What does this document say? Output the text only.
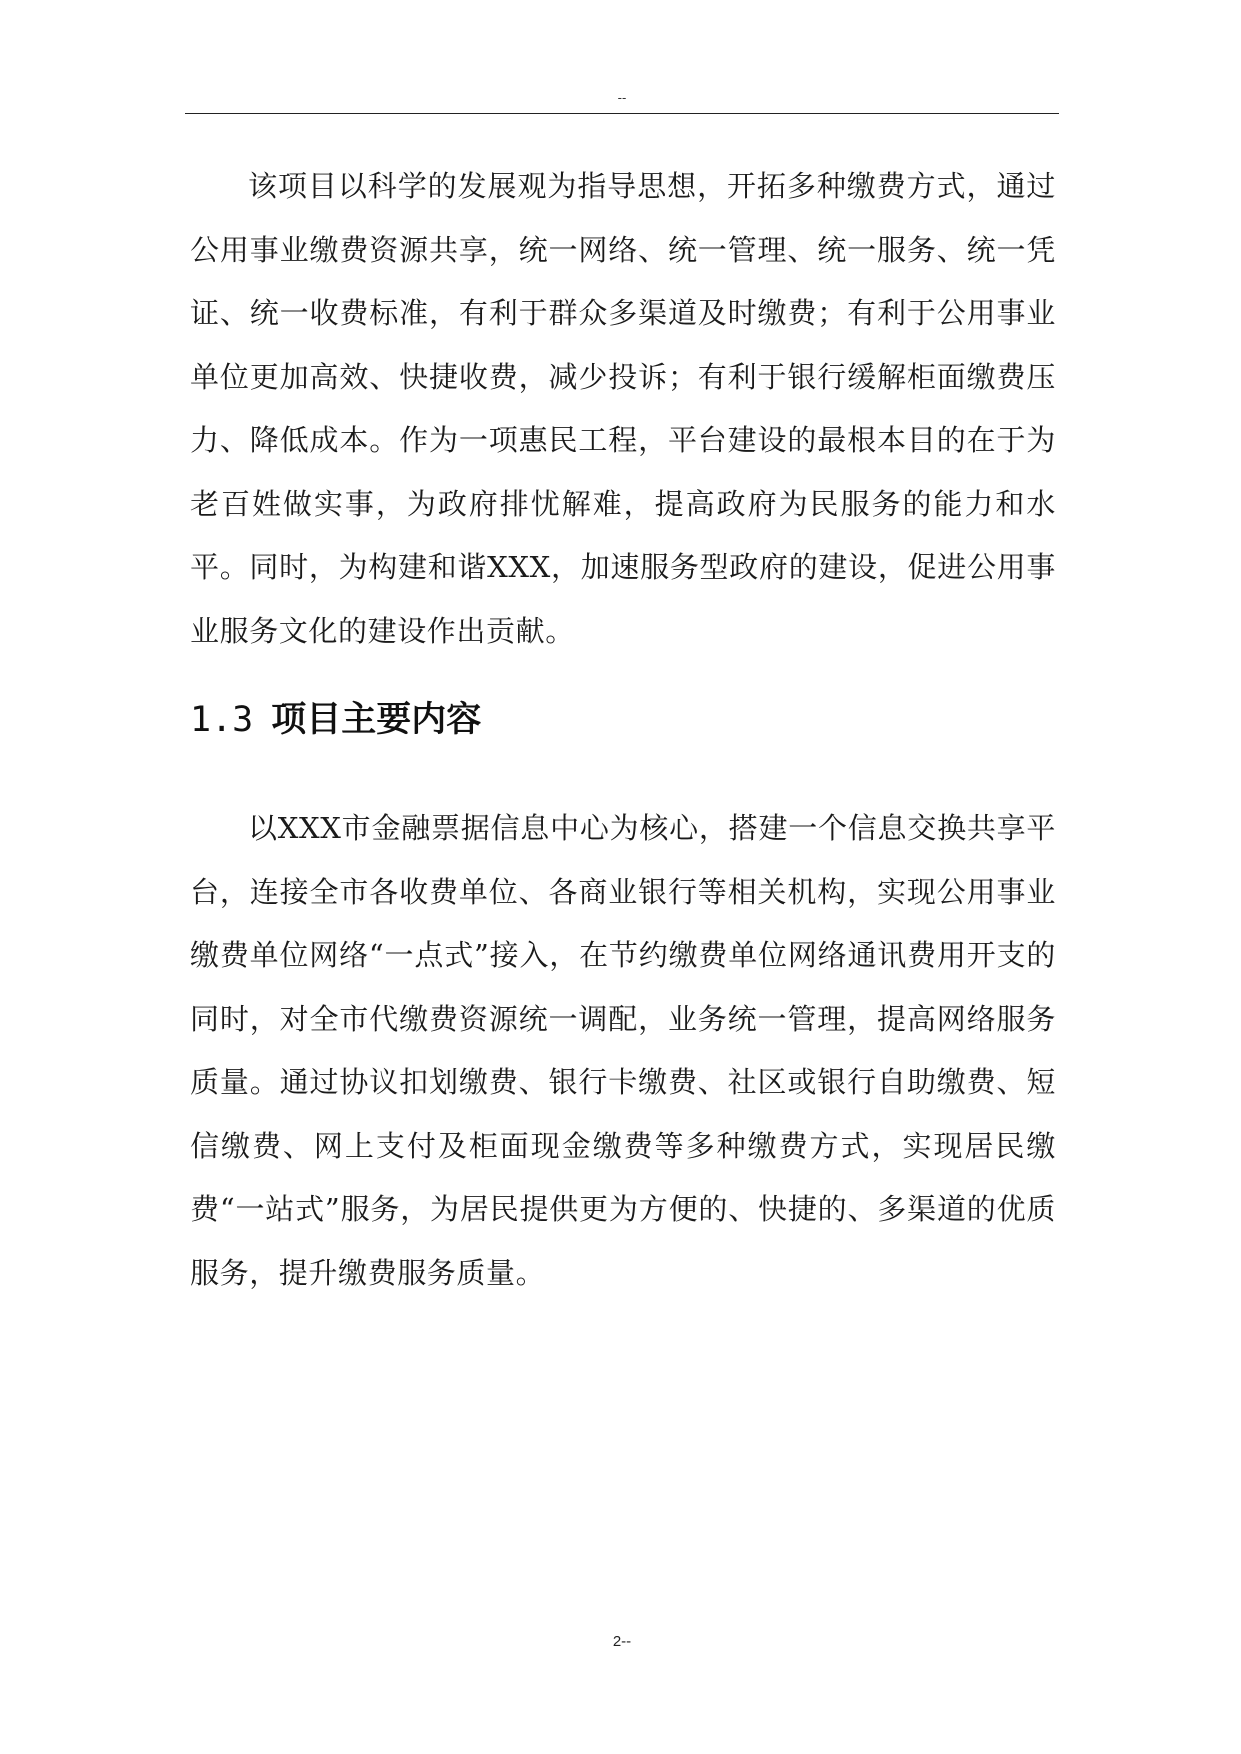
--

该项目以科学的发展观为指导思想，开拓多种缴费方式，通过公用事业缴费资源共享，统一网络、统一管理、统一服务、统一凭证、统一收费标准，有利于群众多渠道及时缴费；有利于公用事业单位更加高效、快捷收费，减少投诉；有利于银行缓解柜面缴费压力、降低成本。作为一项惠民工程，平台建设的最根本目的在于为老百姓做实事，为政府排忧解难，提高政府为民服务的能力和水平。同时，为构建和谐XXX，加速服务型政府的建设，促进公用事业服务文化的建设作出贡献。

1.3 项目主要内容

以XXX市金融票据信息中心为核心，搭建一个信息交换共享平台，连接全市各收费单位、各商业银行等相关机构，实现公用事业缴费单位网络“一点式”接入，在节约缴费单位网络通讯费用开支的同时，对全市代缴费资源统一调配，业务统一管理，提高网络服务质量。通过协议扣划缴费、银行卡缴费、社区或银行自助缴费、短信缴费、网上支付及柜面现金缴费等多种缴费方式，实现居民缴费“一站式”服务，为居民提供更为方便的、快捷的、多渠道的优质服务，提升缴费服务质量。

2--
